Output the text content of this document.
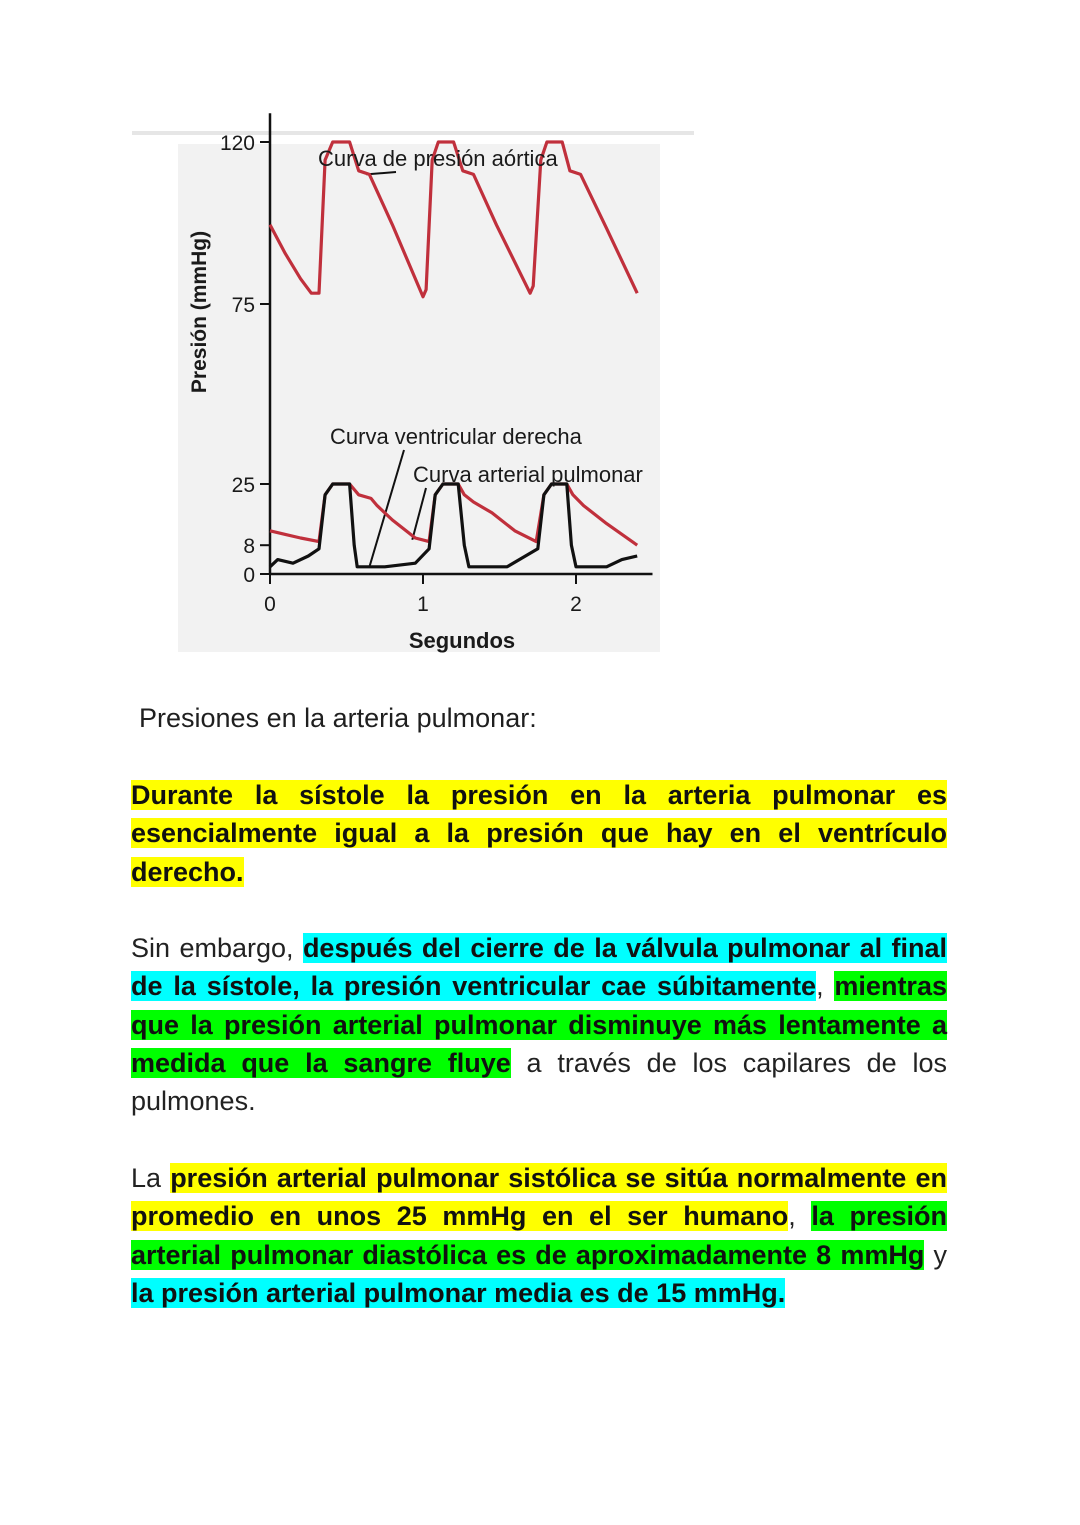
0
8
25
75
120
0	1	2
Presión (mmHg)
Segundos
Curva de presión aórtica
Curva ventricular derecha
Curva arterial pulmonar
Presiones en la arteria pulmonar:
Durante la sístole la presión en la arteria pulmonar es esencialmente igual a la presión que hay en el ventrículo derecho.
Sin embargo, después del cierre de la válvula pulmonar al final de la sístole, la presión ventricular cae súbitamente, mientras que la presión arterial pulmonar disminuye más lentamente a medida que la sangre fluye a través de los capilares de los pulmones.
La presión arterial pulmonar sistólica se sitúa normalmente en promedio en unos 25 mmHg en el ser humano, la presión arterial pulmonar diastólica es de aproximadamente 8 mmHg y la presión arterial pulmonar media es de 15 mmHg.
